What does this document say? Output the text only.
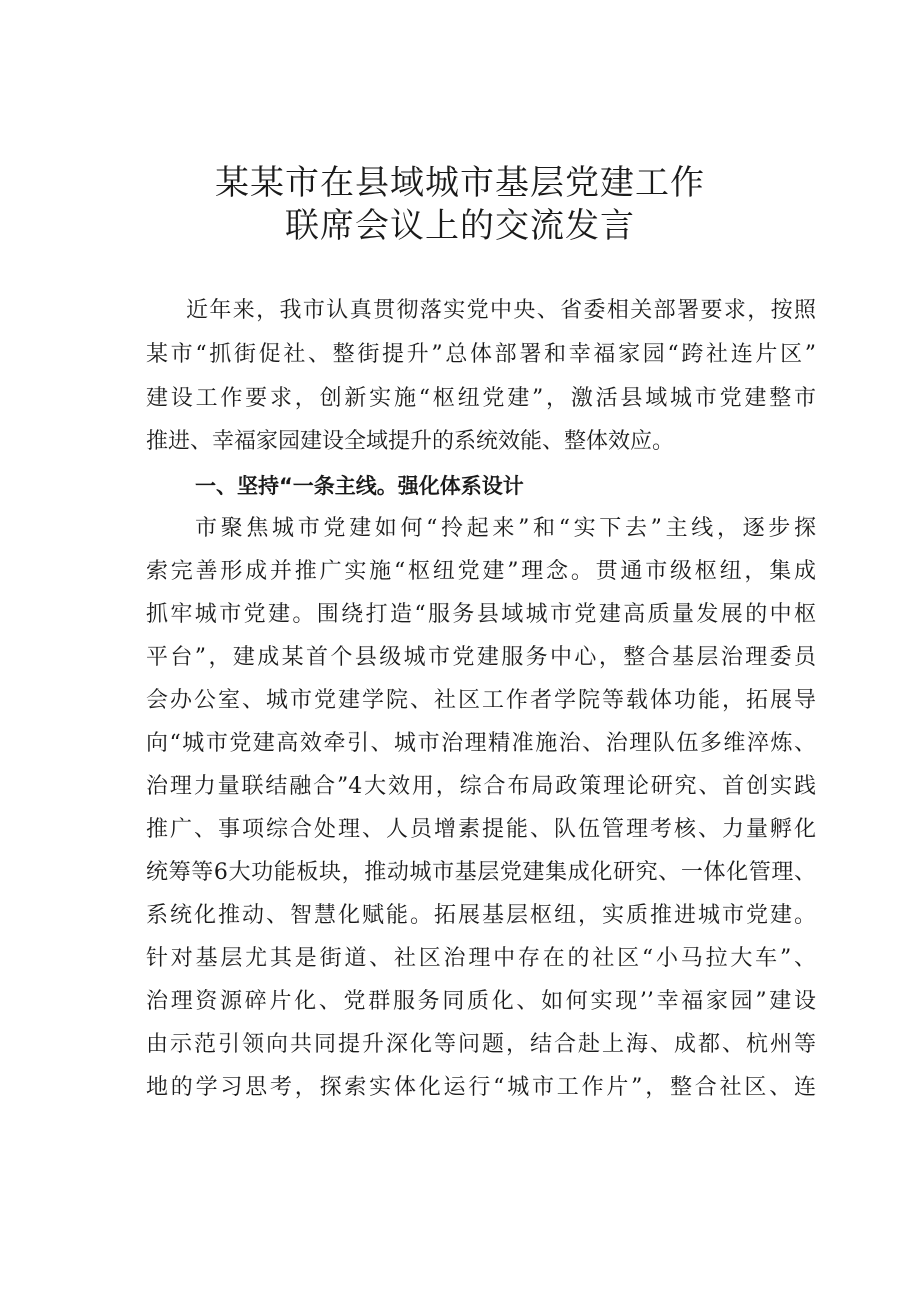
某某市在县域城市基层党建工作
联席会议上的交流发言
近年来，我市认真贯彻落实党中央、省委相关部署要求，按照
某市“抓街促社、整街提升”总体部署和幸福家园“跨社连片区”
建设工作要求，创新实施“枢纽党建”，激活县域城市党建整市
推进、幸福家园建设全域提升的系统效能、整体效应。
一、坚持“一条主线。强化体系设计
市聚焦城市党建如何“拎起来”和“实下去”主线，逐步探
索完善形成并推广实施“枢纽党建”理念。贯通市级枢纽，集成
抓牢城市党建。围绕打造“服务县域城市党建高质量发展的中枢
平台”，建成某首个县级城市党建服务中心，整合基层治理委员
会办公室、城市党建学院、社区工作者学院等载体功能，拓展导
向“城市党建高效牵引、城市治理精准施治、治理队伍多维淬炼、
治理力量联结融合”4大效用，综合布局政策理论研究、首创实践
推广、事项综合处理、人员增素提能、队伍管理考核、力量孵化
统筹等6大功能板块，推动城市基层党建集成化研究、一体化管理、
系统化推动、智慧化赋能。拓展基层枢纽，实质推进城市党建。
针对基层尤其是街道、社区治理中存在的社区“小马拉大车”、
治理资源碎片化、党群服务同质化、如何实现’’幸福家园”建设
由示范引领向共同提升深化等问题，结合赴上海、成都、杭州等
地的学习思考，探索实体化运行“城市工作片”，整合社区、连
